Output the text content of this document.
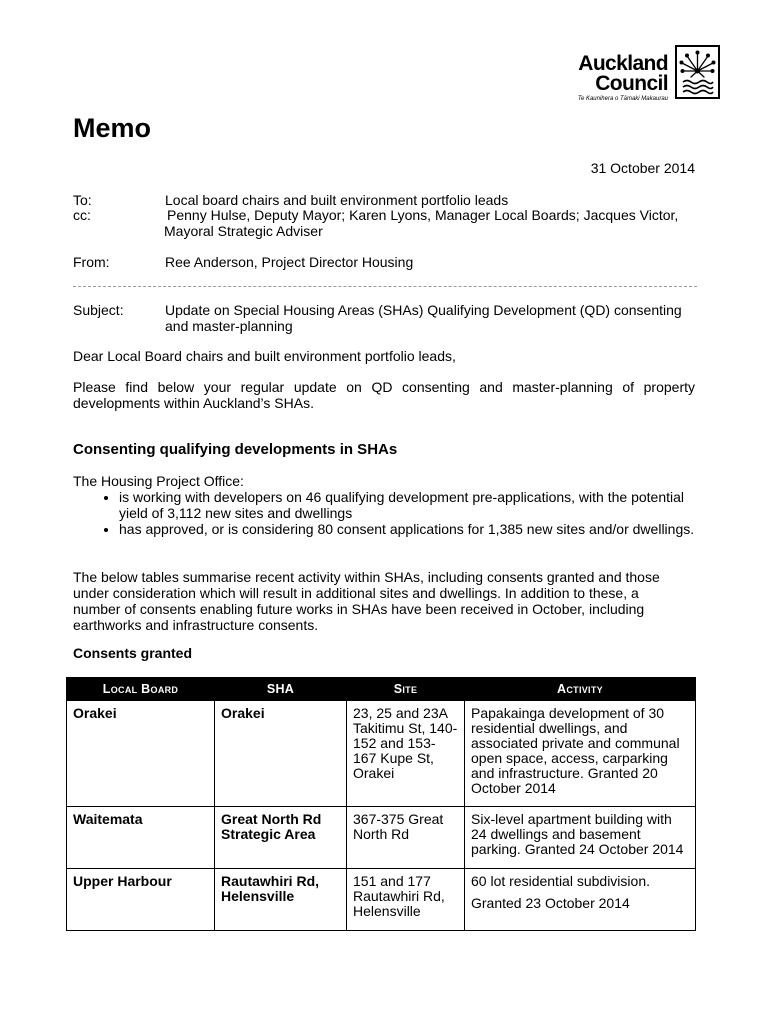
Auckland
Council
Te Kaunihera o Tāmaki Makaurau
Memo
31 October 2014
To:	Local board chairs and built environment portfolio leads
cc:	Penny Hulse, Deputy Mayor; Karen Lyons, Manager Local Boards; Jacques Victor,
Mayoral Strategic Adviser
From:	Ree Anderson, Project Director Housing
Subject:	Update on Special Housing Areas (SHAs) Qualifying Development (QD) consenting
and master-planning
Dear Local Board chairs and built environment portfolio leads,
Please find below your regular update on QD consenting and master-planning of property developments within Auckland’s SHAs.
Consenting qualifying developments in SHAs
The Housing Project Office:
• is working with developers on 46 qualifying development pre-applications, with the potential yield of 3,112 new sites and dwellings
• has approved, or is considering 80 consent applications for 1,385 new sites and/or dwellings.
The below tables summarise recent activity within SHAs, including consents granted and those under consideration which will result in additional sites and dwellings. In addition to these, a number of consents enabling future works in SHAs have been received in October, including earthworks and infrastructure consents.
Consents granted
Local Board	SHA	Site	Activity
Orakei	Orakei	23, 25 and 23A Takitimu St, 140-152 and 153-167 Kupe St, Orakei	Papakainga development of 30 residential dwellings, and associated private and communal open space, access, carparking and infrastructure. Granted 20 October 2014
Waitemata	Great North Rd Strategic Area	367-375 Great North Rd	Six-level apartment building with 24 dwellings and basement parking. Granted 24 October 2014
Upper Harbour	Rautawhiri Rd, Helensville	151 and 177 Rautawhiri Rd, Helensville	60 lot residential subdivision.
Granted 23 October 2014
